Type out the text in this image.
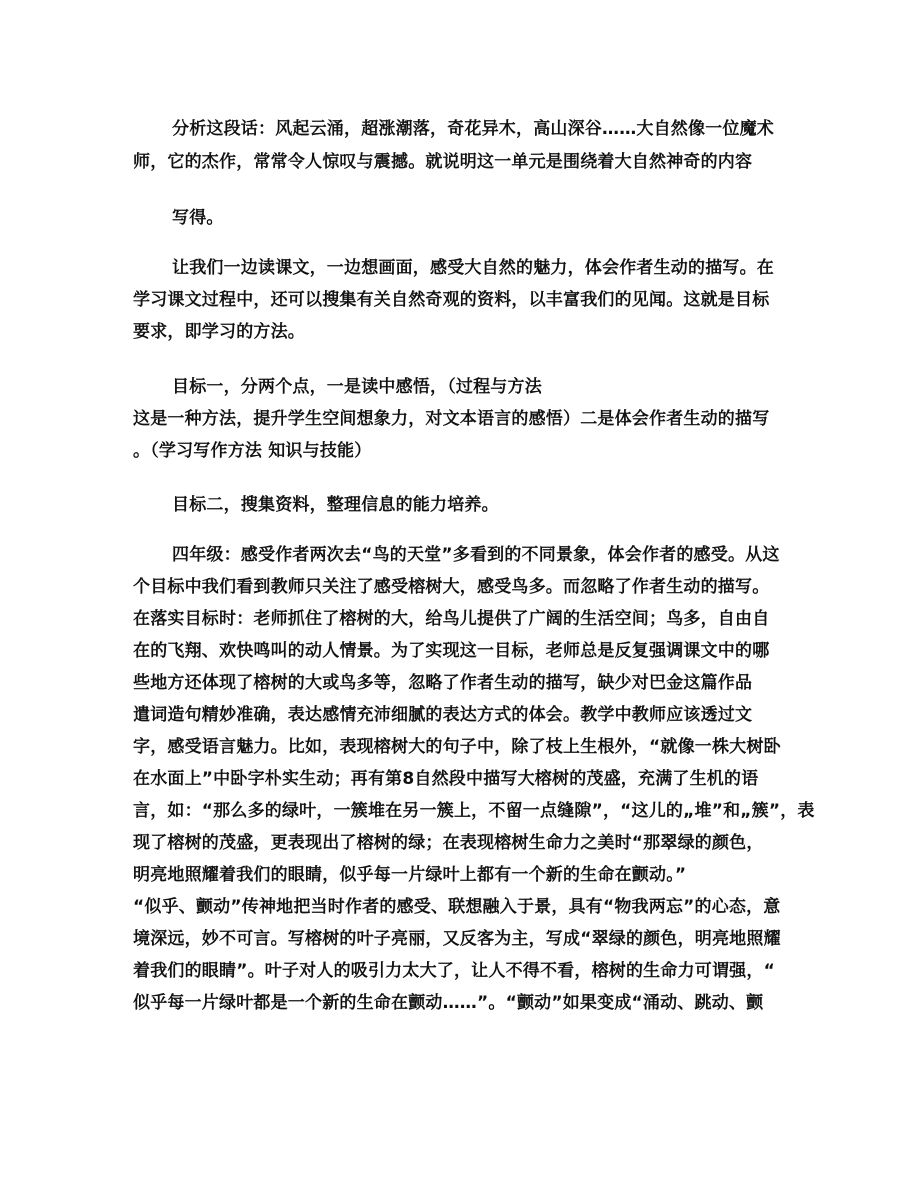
分析这段话：风起云涌，超涨潮落，奇花异木，高山深谷……大自然像一位魔术
师，它的杰作，常常令人惊叹与震撼。就说明这一单元是围绕着大自然神奇的内容
写得。
让我们一边读课文，一边想画面，感受大自然的魅力，体会作者生动的描写。在
学习课文过程中，还可以搜集有关自然奇观的资料，以丰富我们的见闻。这就是目标
要求，即学习的方法。
目标一，分两个点，一是读中感悟，（过程与方法
这是一种方法，提升学生空间想象力，对文本语言的感悟）二是体会作者生动的描写
。（学习写作方法 知识与技能）
目标二，搜集资料，整理信息的能力培养。
四年级：感受作者两次去“鸟的天堂”多看到的不同景象，体会作者的感受。从这
个目标中我们看到教师只关注了感受榕树大，感受鸟多。而忽略了作者生动的描写。
在落实目标时：老师抓住了榕树的大，给鸟儿提供了广阔的生活空间；鸟多，自由自
在的飞翔、欢快鸣叫的动人情景。为了实现这一目标，老师总是反复强调课文中的哪
些地方还体现了榕树的大或鸟多等，忽略了作者生动的描写，缺少对巴金这篇作品
遣词造句精妙准确，表达感情充沛细腻的表达方式的体会。教学中教师应该透过文
字，感受语言魅力。比如，表现榕树大的句子中，除了枝上生根外，“就像一株大树卧
在水面上”中卧字朴实生动；再有第8自然段中描写大榕树的茂盛，充满了生机的语
言，如：“那么多的绿叶，一簇堆在另一簇上，不留一点缝隙”，“这儿的„堆”和„簇”，表
现了榕树的茂盛，更表现出了榕树的绿；在表现榕树生命力之美时“那翠绿的颜色，
明亮地照耀着我们的眼睛，似乎每一片绿叶上都有一个新的生命在颤动。”
“似乎、颤动”传神地把当时作者的感受、联想融入于景，具有“物我两忘”的心态，意
境深远，妙不可言。写榕树的叶子亮丽，又反客为主，写成“翠绿的颜色，明亮地照耀
着我们的眼睛”。叶子对人的吸引力太大了，让人不得不看，榕树的生命力可谓强，“
似乎每一片绿叶都是一个新的生命在颤动……”。“颤动”如果变成“涌动、跳动、颤
